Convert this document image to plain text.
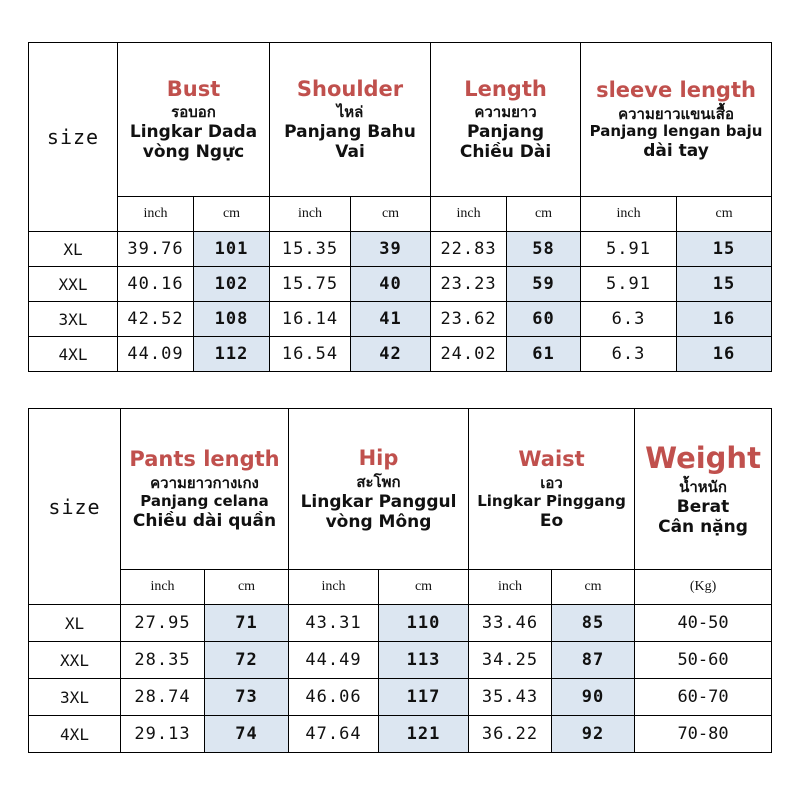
size	Bust
รอบอก
Lingkar Dada
vòng Ngực		Shoulder
ไหล่
Panjang Bahu
Vai		Length
ความยาว
Panjang
Chiều Dài		sleeve length
ความยาวแขนเสื้อ
Panjang lengan baju
dài tay	

	inch	cm	inch	cm	inch	cm	inch	cm
XL	39.76	101	15.35	39	22.83	58	5.91	15
XXL	40.16	102	15.75	40	23.23	59	5.91	15
3XL	42.52	108	16.14	41	23.62	60	6.3	16
4XL	44.09	112	16.54	42	24.02	61	6.3	16
size	Pants length
ความยาวกางเกง
Panjang celana
Chiều dài quần		Hip
สะโพก
Lingkar Panggul
vòng Mông		Waist
เอว
Lingkar Pinggang
Eo		Weight
น้ำหนัก
Berat
Cân nặng

	inch	cm	inch	cm	inch	cm	(Kg)
XL	27.95	71	43.31	110	33.46	85	40-50
XXL	28.35	72	44.49	113	34.25	87	50-60
3XL	28.74	73	46.06	117	35.43	90	60-70
4XL	29.13	74	47.64	121	36.22	92	70-80
